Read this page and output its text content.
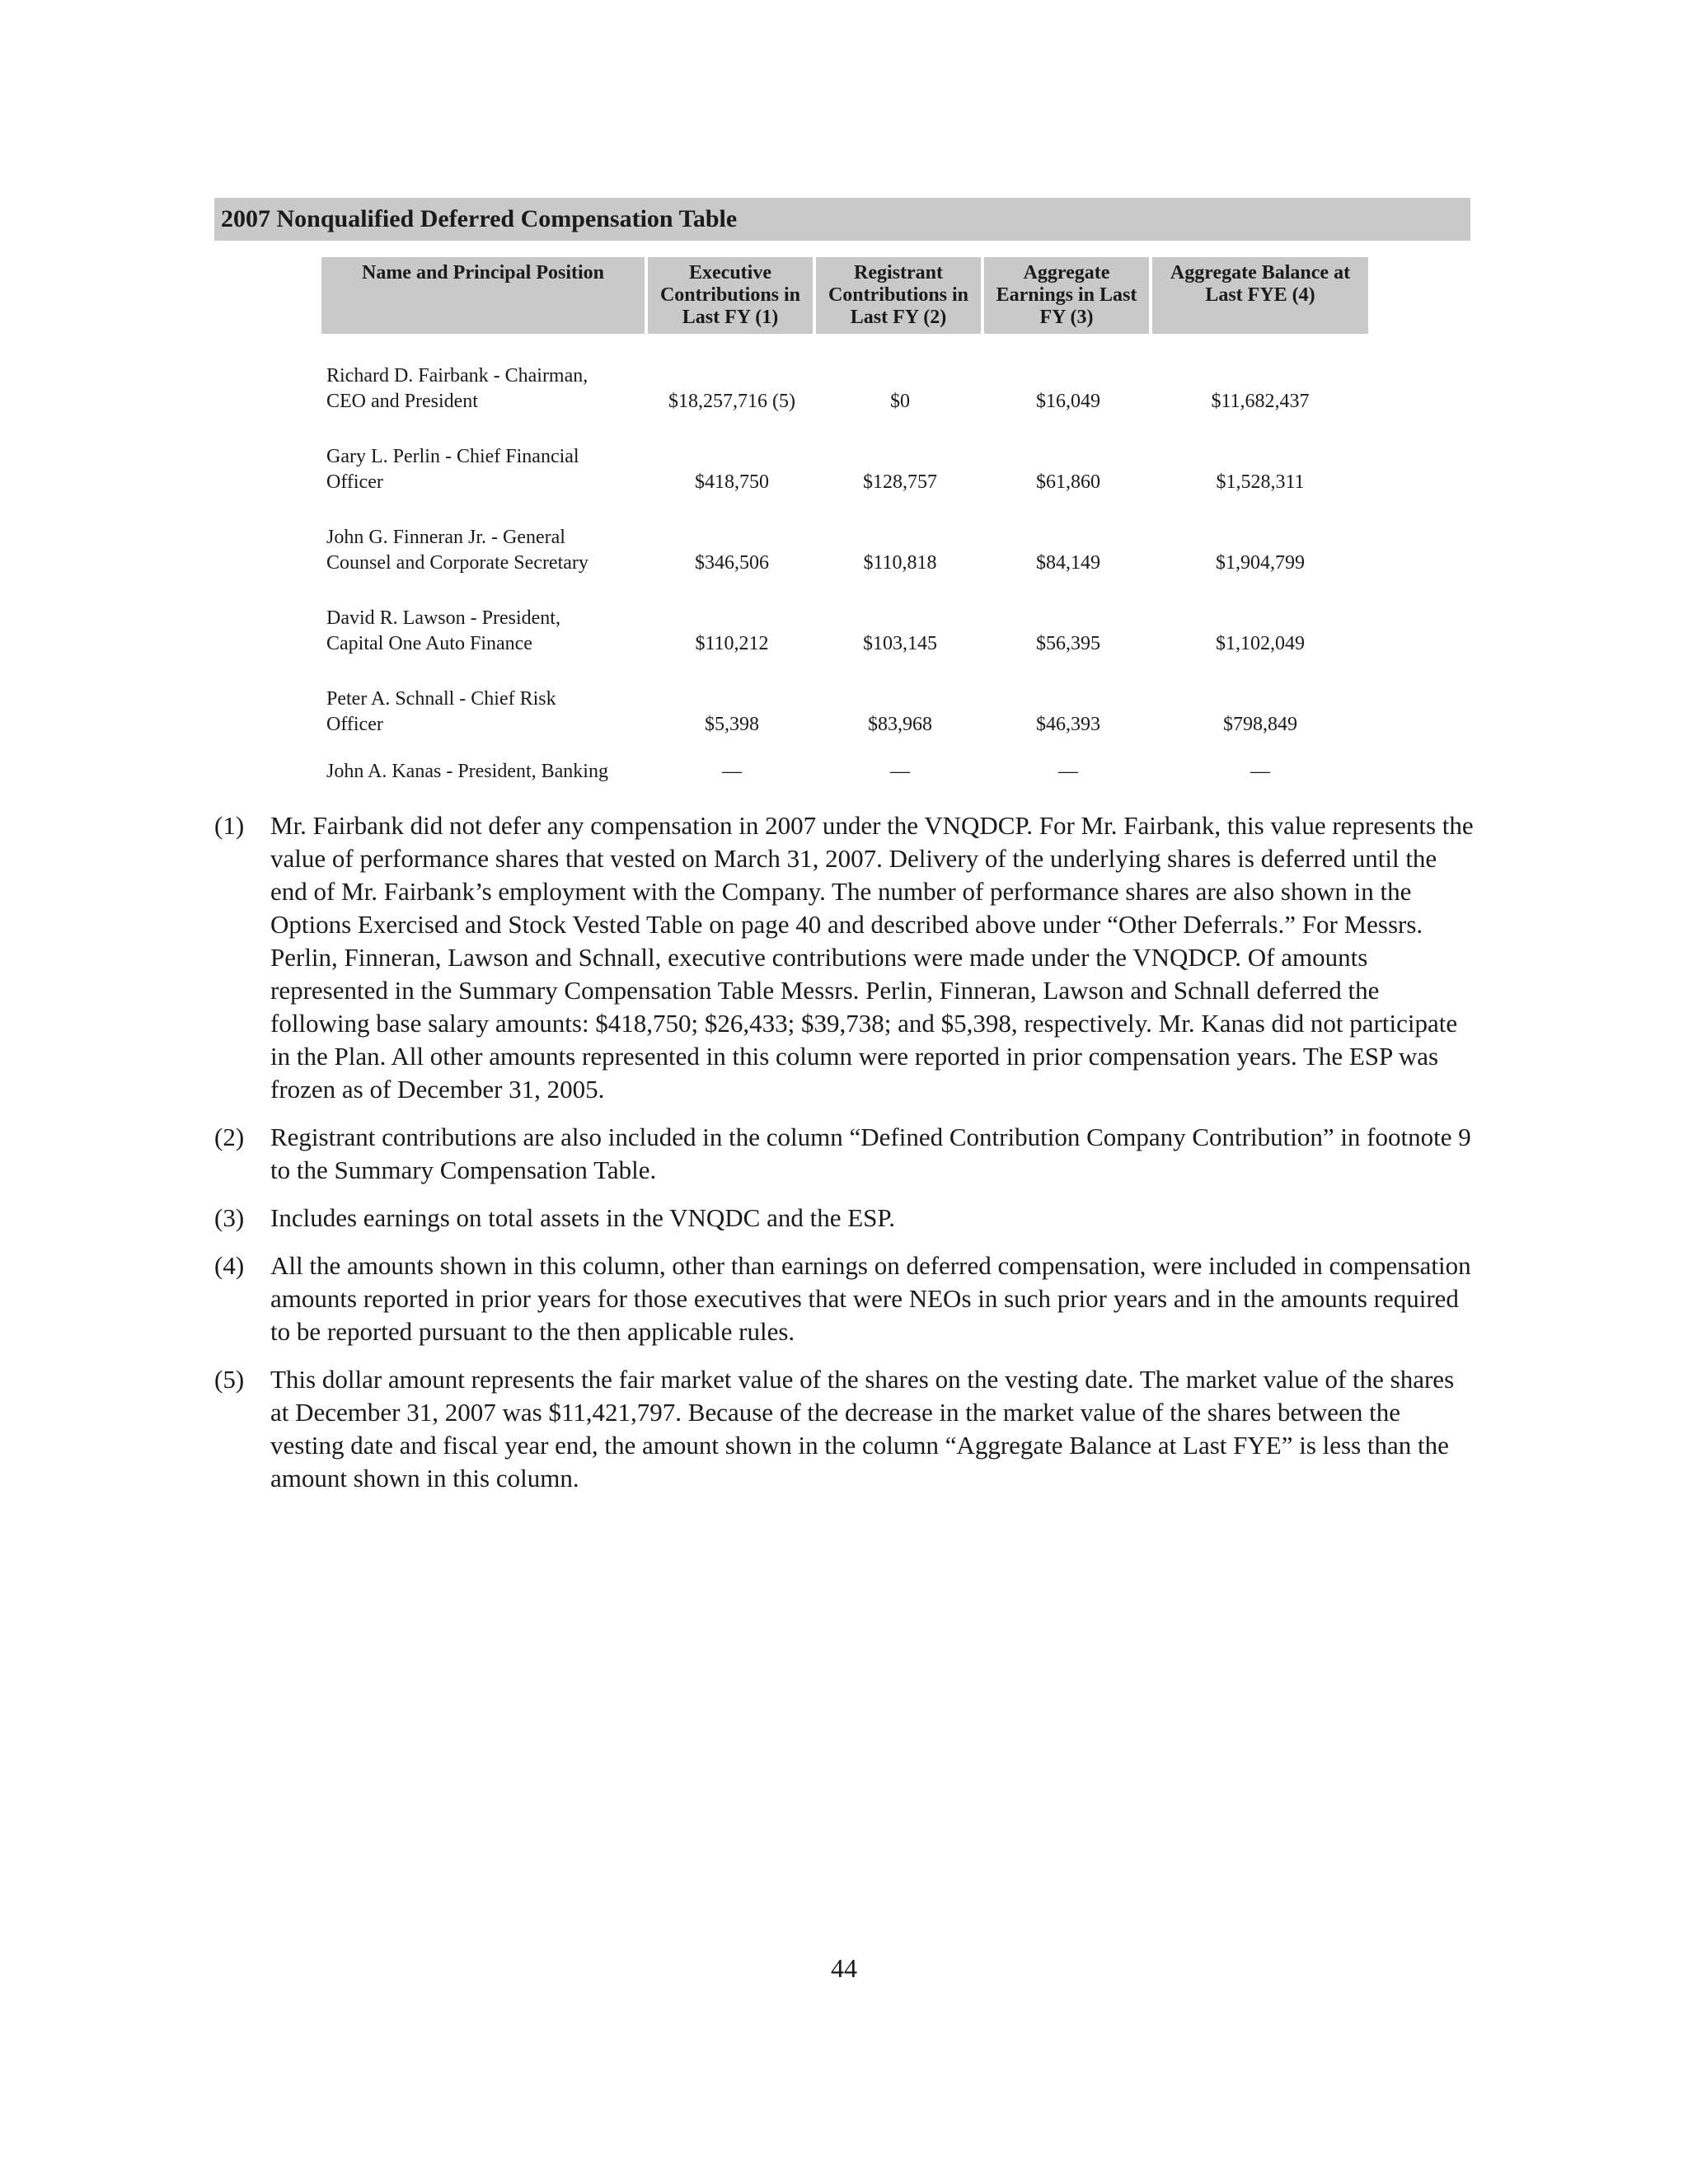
2007 Nonqualified Deferred Compensation Table
Name and Principal Position	Executive Contributions in Last FY (1)	Registrant Contributions in Last FY (2)	Aggregate Earnings in Last FY (3)	Aggregate Balance at Last FYE (4)

Richard D. Fairbank - Chairman,
CEO and President	$18,257,716 (5)	$0	$16,049	$11,682,437

Gary L. Perlin - Chief Financial
Officer	$418,750	$128,757	$61,860	$1,528,311

John G. Finneran Jr. - General
Counsel and Corporate Secretary	$346,506	$110,818	$84,149	$1,904,799

David R. Lawson - President,
Capital One Auto Finance	$110,212	$103,145	$56,395	$1,102,049

Peter A. Schnall - Chief Risk
Officer	$5,398	$83,968	$46,393	$798,849

John A. Kanas - President, Banking	—	—	—	—
(1)	Mr. Fairbank did not defer any compensation in 2007 under the VNQDCP. For Mr. Fairbank, this value represents the value of performance shares that vested on March 31, 2007. Delivery of the underlying shares is deferred until the end of Mr. Fairbank’s employment with the Company. The number of performance shares are also shown in the Options Exercised and Stock Vested Table on page 40 and described above under “Other Deferrals.” For Messrs. Perlin, Finneran, Lawson and Schnall, executive contributions were made under the VNQDCP. Of amounts represented in the Summary Compensation Table Messrs. Perlin, Finneran, Lawson and Schnall deferred the following base salary amounts: $418,750; $26,433; $39,738; and $5,398, respectively. Mr. Kanas did not participate in the Plan. All other amounts represented in this column were reported in prior compensation years. The ESP was frozen as of December 31, 2005.
(2)	Registrant contributions are also included in the column “Defined Contribution Company Contribution” in footnote 9 to the Summary Compensation Table.
(3)	Includes earnings on total assets in the VNQDC and the ESP.
(4)	All the amounts shown in this column, other than earnings on deferred compensation, were included in compensation amounts reported in prior years for those executives that were NEOs in such prior years and in the amounts required to be reported pursuant to the then applicable rules.
(5)	This dollar amount represents the fair market value of the shares on the vesting date. The market value of the shares at December 31, 2007 was $11,421,797. Because of the decrease in the market value of the shares between the vesting date and fiscal year end, the amount shown in the column “Aggregate Balance at Last FYE” is less than the amount shown in this column.
44
